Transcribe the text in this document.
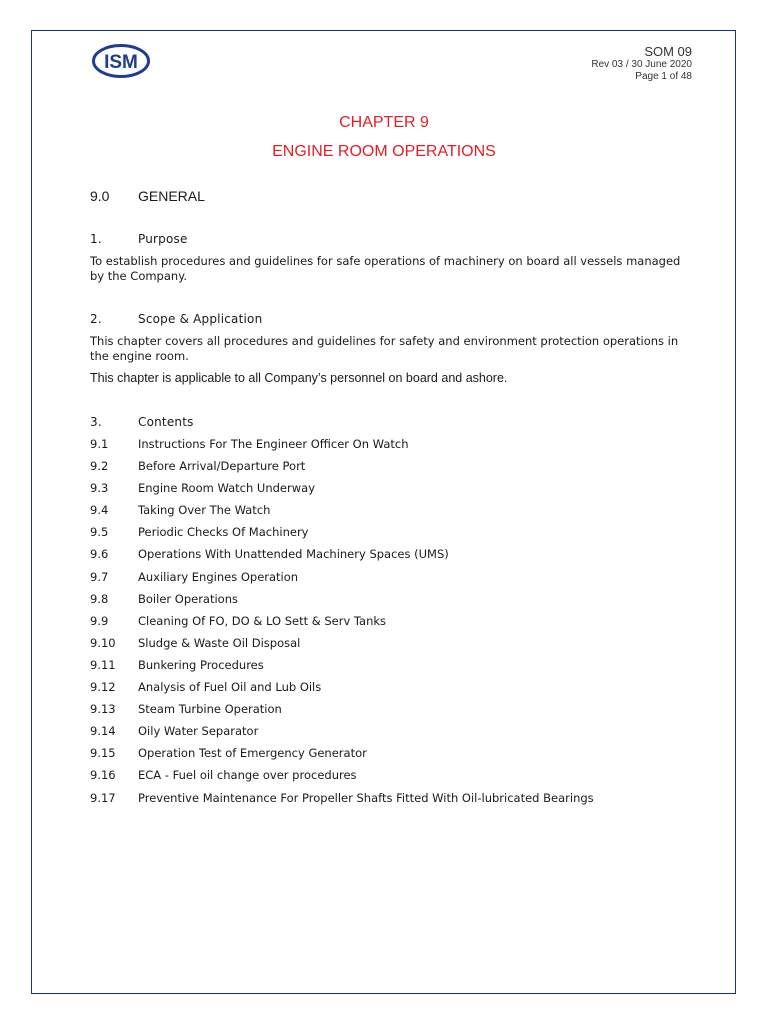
ISM
SOM 09
Rev 03 / 30 June 2020
Page 1 of 48
CHAPTER 9
ENGINE ROOM OPERATIONS
9.0 GENERAL
1.	Purpose
To establish procedures and guidelines for safe operations of machinery on board all vessels managed by the Company.
2.	Scope & Application
This chapter covers all procedures and guidelines for safety and environment protection operations in the engine room.
This chapter is applicable to all Company’s personnel on board and ashore.
3.	Contents
9.1	Instructions For The Engineer Officer On Watch
9.2	Before Arrival/Departure Port
9.3	Engine Room Watch Underway
9.4	Taking Over The Watch
9.5	Periodic Checks Of Machinery
9.6	Operations With Unattended Machinery Spaces (UMS)
9.7	Auxiliary Engines Operation
9.8	Boiler Operations
9.9	Cleaning Of FO, DO & LO Sett & Serv Tanks
9.10 Sludge & Waste Oil Disposal
9.11 Bunkering Procedures
9.12 Analysis of Fuel Oil and Lub Oils
9.13 Steam Turbine Operation
9.14 Oily Water Separator
9.15 Operation Test of Emergency Generator
9.16 ECA - Fuel oil change over procedures
9.17 Preventive Maintenance For Propeller Shafts Fitted With Oil-lubricated Bearings
